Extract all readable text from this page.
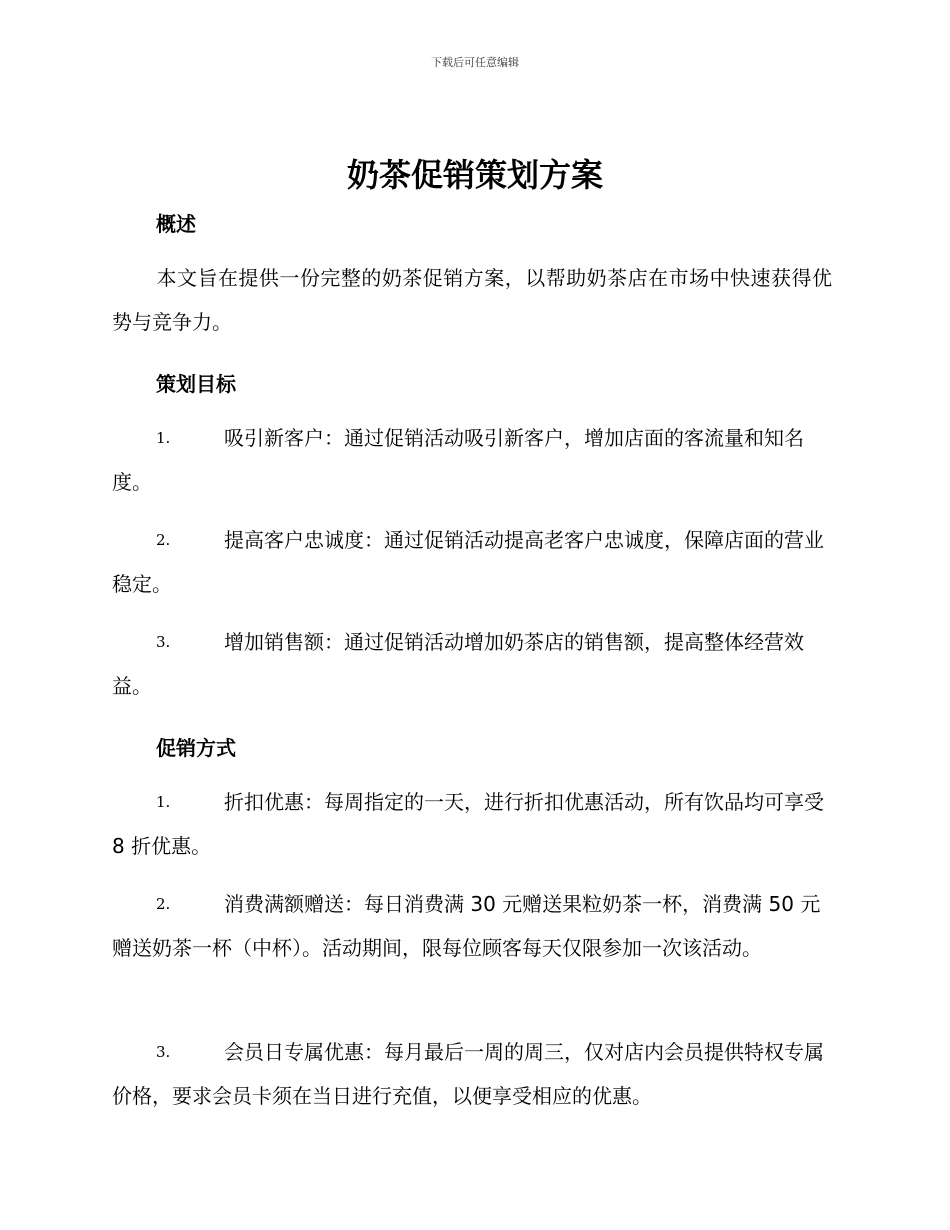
下载后可任意编辑
奶茶促销策划方案
概述
本文旨在提供一份完整的奶茶促销方案，以帮助奶茶店在市场中快速获得优势与竞争力。
策划目标
1.	吸引新客户：通过促销活动吸引新客户，增加店面的客流量和知名度。
2.	提高客户忠诚度：通过促销活动提高老客户忠诚度，保障店面的营业稳定。
3.	增加销售额：通过促销活动增加奶茶店的销售额，提高整体经营效益。
促销方式
1.	折扣优惠：每周指定的一天，进行折扣优惠活动，所有饮品均可享受 8 折优惠。
2.	消费满额赠送：每日消费满 30 元赠送果粒奶茶一杯，消费满 50 元赠送奶茶一杯（中杯）。活动期间，限每位顾客每天仅限参加一次该活动。
3.	会员日专属优惠：每月最后一周的周三，仅对店内会员提供特权专属价格，要求会员卡须在当日进行充值，以便享受相应的优惠。
